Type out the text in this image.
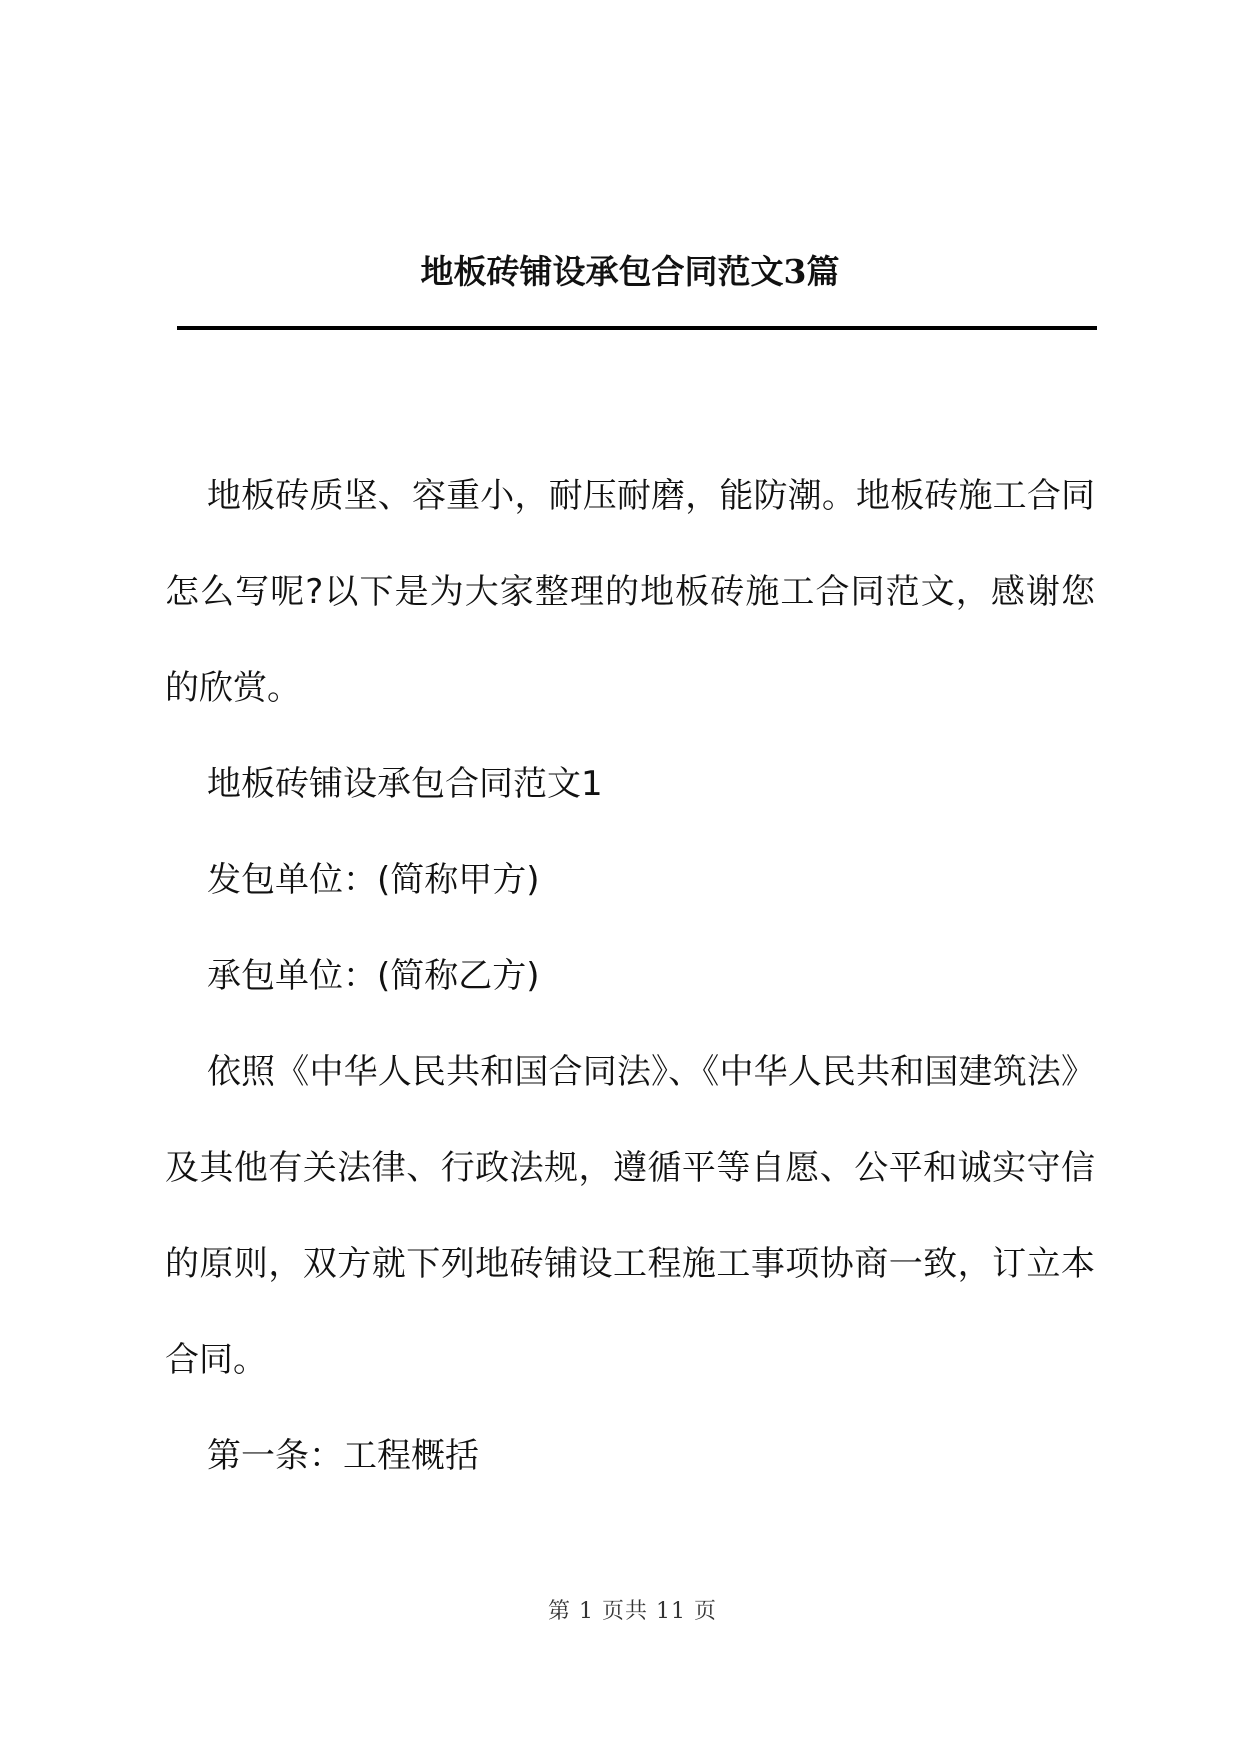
地板砖铺设承包合同范文3篇

地板砖质坚、容重小，耐压耐磨，能防潮。地板砖施工合同怎么写呢?以下是为大家整理的地板砖施工合同范文，感谢您的欣赏。

地板砖铺设承包合同范文1

发包单位：(简称甲方)

承包单位：(简称乙方)

依照《中华人民共和国合同法》、《中华人民共和国建筑法》及其他有关法律、行政法规，遵循平等自愿、公平和诚实守信的原则，双方就下列地砖铺设工程施工事项协商一致，订立本合同。

第一条：工程概括

第 1 页共 11 页
